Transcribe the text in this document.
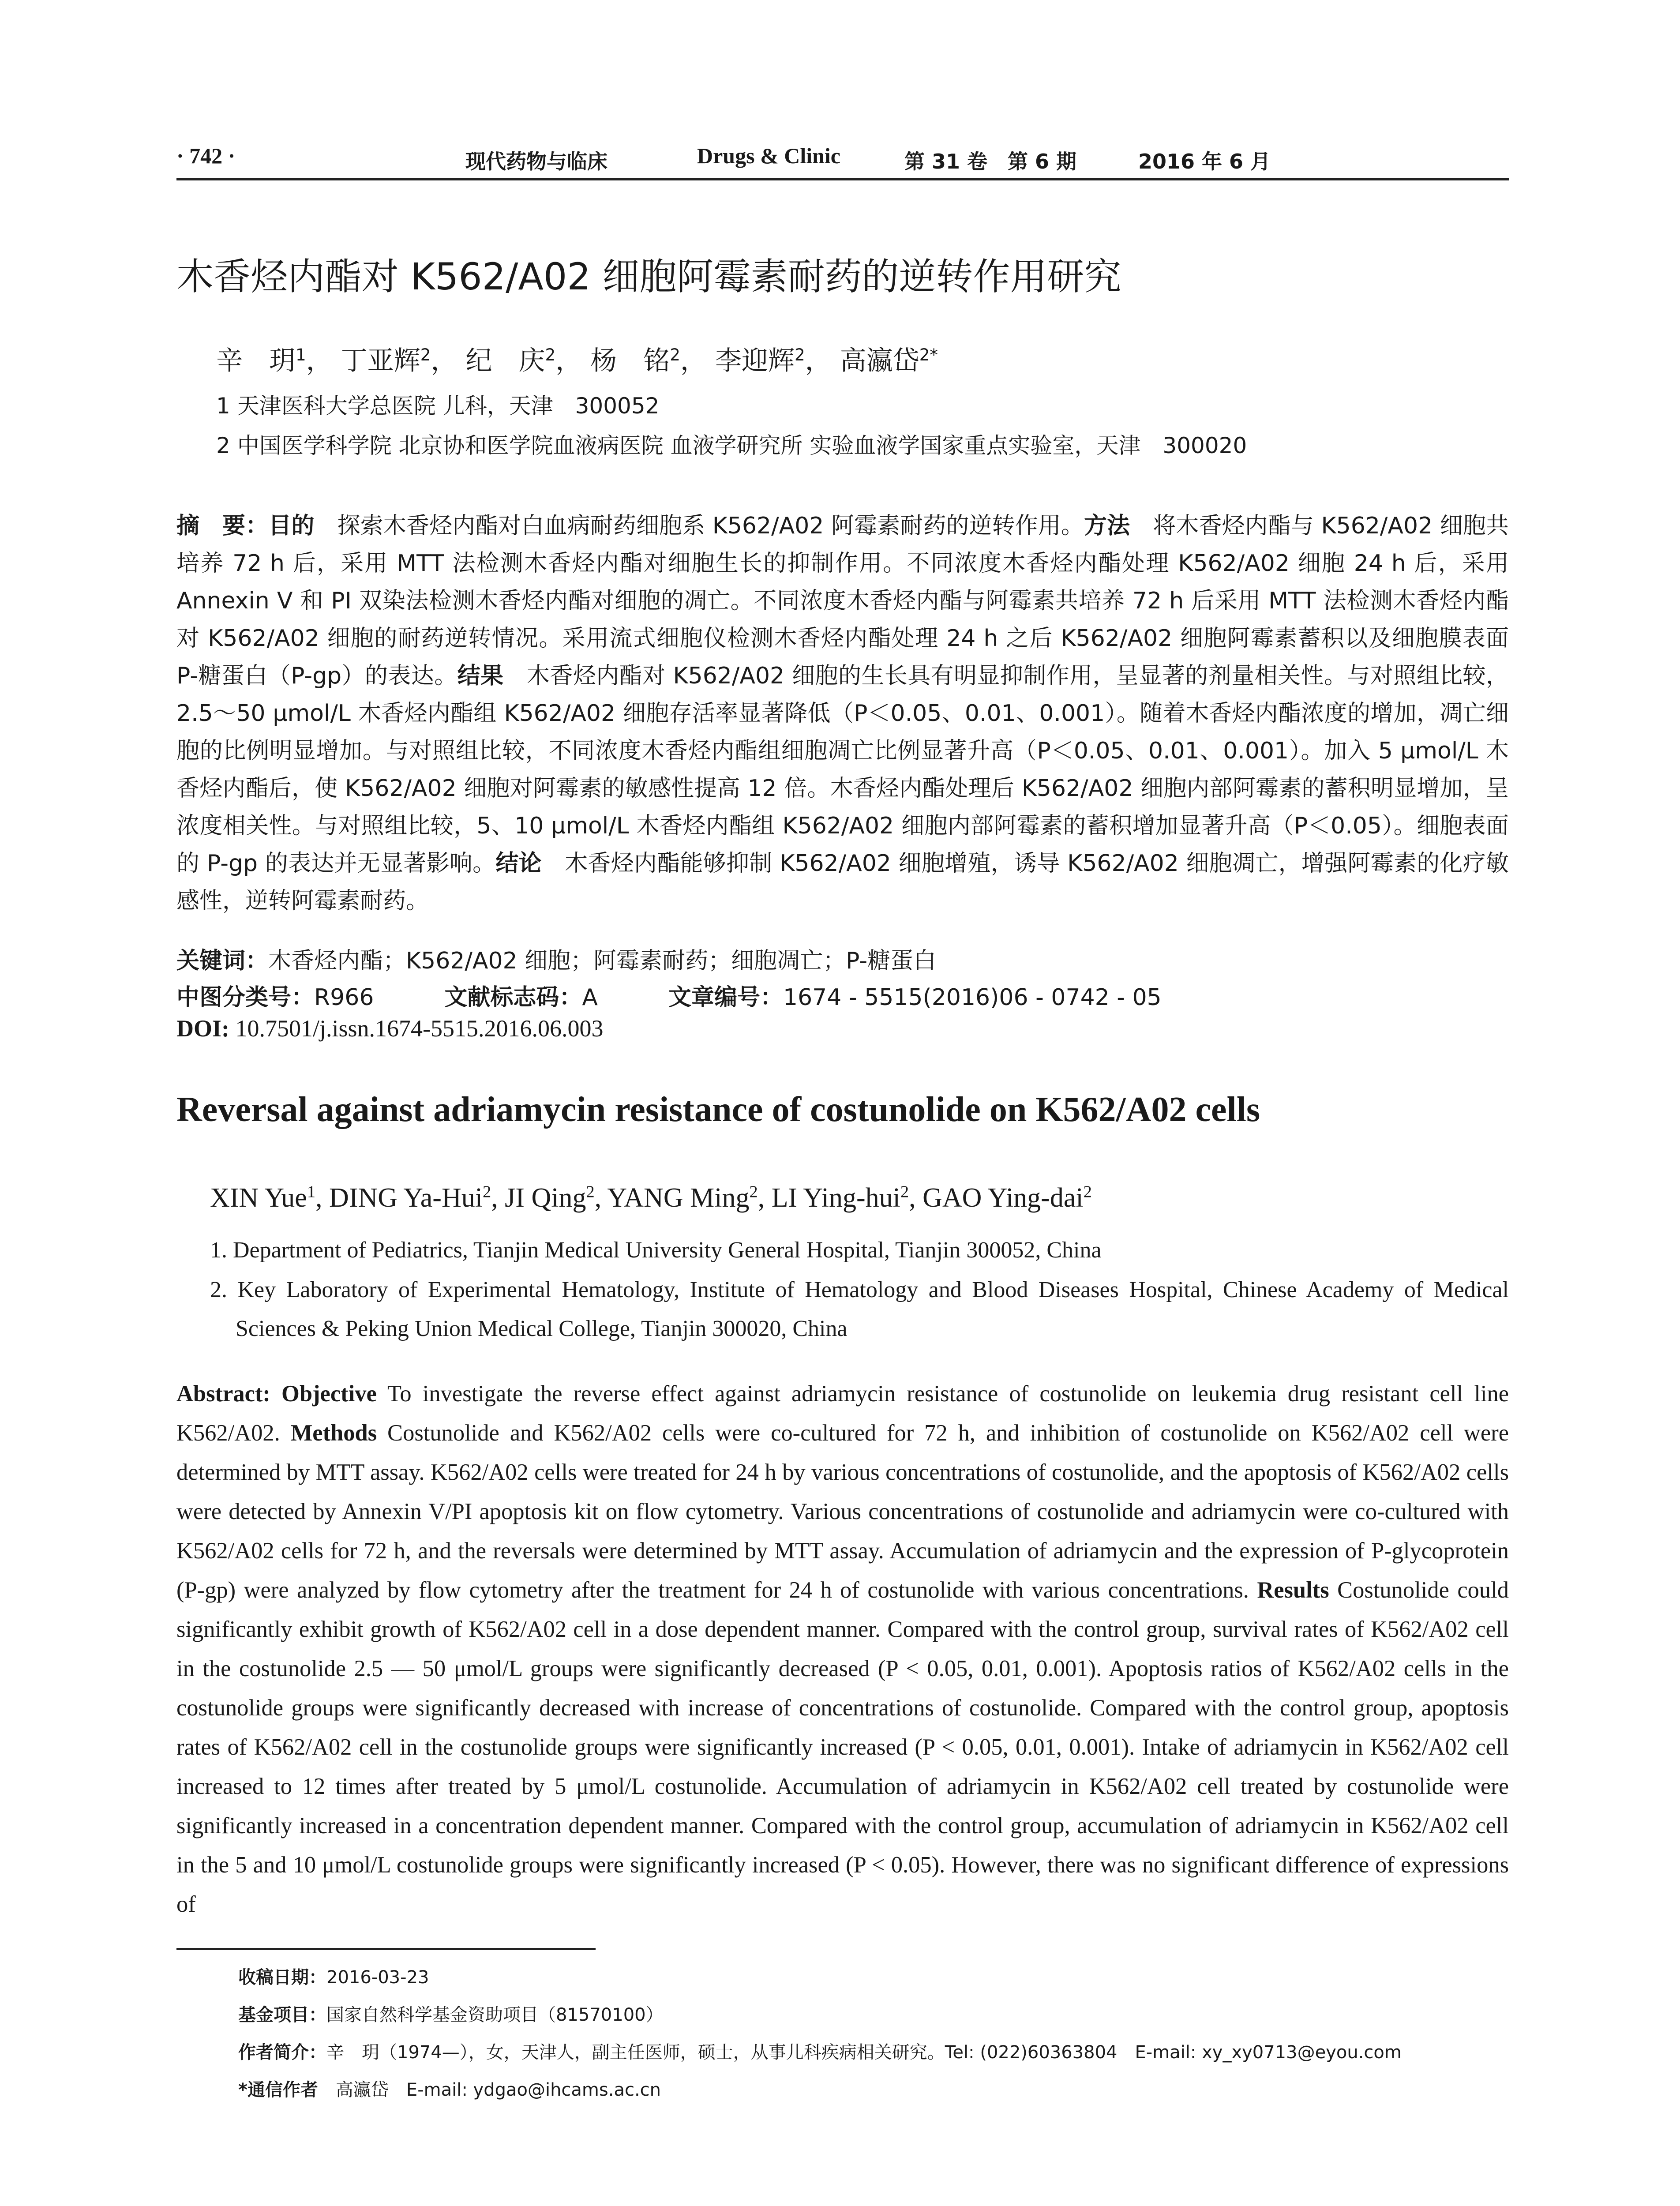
· 742 ·	现代药物与临床	Drugs & Clinic	第 31 卷　第 6 期	2016 年 6 月
木香烃内酯对 K562/A02 细胞阿霉素耐药的逆转作用研究
辛　玥$^1$， 丁亚辉$^2$， 纪　庆$^2$， 杨　铭$^2$， 李迎辉$^2$， 高瀛岱$^{2*}$
1 天津医科大学总医院 儿科，天津　300052
2 中国医学科学院 北京协和医学院血液病医院 血液学研究所 实验血液学国家重点实验室，天津　300020
摘　要：目的　探索木香烃内酯对白血病耐药细胞系 K562/A02 阿霉素耐药的逆转作用。方法　将木香烃内酯与 K562/A02 细胞共培养 72 h 后，采用 MTT 法检测木香烃内酯对细胞生长的抑制作用。不同浓度木香烃内酯处理 K562/A02 细胞 24 h 后，采用 Annexin V 和 PI 双染法检测木香烃内酯对细胞的凋亡。不同浓度木香烃内酯与阿霉素共培养 72 h 后采用 MTT 法检测木香烃内酯对 K562/A02 细胞的耐药逆转情况。采用流式细胞仪检测木香烃内酯处理 24 h 之后 K562/A02 细胞阿霉素蓄积以及细胞膜表面 P-糖蛋白（P-gp）的表达。结果　木香烃内酯对 K562/A02 细胞的生长具有明显抑制作用，呈显著的剂量相关性。与对照组比较，2.5～50 μmol/L 木香烃内酯组 K562/A02 细胞存活率显著降低（P＜0.05、0.01、0.001）。随着木香烃内酯浓度的增加，凋亡细胞的比例明显增加。与对照组比较，不同浓度木香烃内酯组细胞凋亡比例显著升高（P＜0.05、0.01、0.001）。加入 5 μmol/L 木香烃内酯后，使 K562/A02 细胞对阿霉素的敏感性提高 12 倍。木香烃内酯处理后 K562/A02 细胞内部阿霉素的蓄积明显增加，呈浓度相关性。与对照组比较，5、10 μmol/L 木香烃内酯组 K562/A02 细胞内部阿霉素的蓄积增加显著升高（P＜0.05）。细胞表面的 P-gp 的表达并无显著影响。结论　木香烃内酯能够抑制 K562/A02 细胞增殖，诱导 K562/A02 细胞凋亡，增强阿霉素的化疗敏感性，逆转阿霉素耐药。
关键词：木香烃内酯；K562/A02 细胞；阿霉素耐药；细胞凋亡；P-糖蛋白
中图分类号：R966	文献标志码：A	文章编号：1674 - 5515(2016)06 - 0742 - 05
DOI: 10.7501/j.issn.1674-5515.2016.06.003
Reversal against adriamycin resistance of costunolide on K562/A02 cells
XIN Yue$^1$, DING Ya-Hui$^2$, JI Qing$^2$, YANG Ming$^2$, LI Ying-hui$^2$, GAO Ying-dai$^2$
1. Department of Pediatrics, Tianjin Medical University General Hospital, Tianjin 300052, China
2. Key Laboratory of Experimental Hematology, Institute of Hematology and Blood Diseases Hospital, Chinese Academy of Medical Sciences & Peking Union Medical College, Tianjin 300020, China
Abstract: Objective To investigate the reverse effect against adriamycin resistance of costunolide on leukemia drug resistant cell line K562/A02. Methods Costunolide and K562/A02 cells were co-cultured for 72 h, and inhibition of costunolide on K562/A02 cell were determined by MTT assay. K562/A02 cells were treated for 24 h by various concentrations of costunolide, and the apoptosis of K562/A02 cells were detected by Annexin V/PI apoptosis kit on flow cytometry. Various concentrations of costunolide and adriamycin were co-cultured with K562/A02 cells for 72 h, and the reversals were determined by MTT assay. Accumulation of adriamycin and the expression of P-glycoprotein (P-gp) were analyzed by flow cytometry after the treatment for 24 h of costunolide with various concentrations. Results Costunolide could significantly exhibit growth of K562/A02 cell in a dose dependent manner. Compared with the control group, survival rates of K562/A02 cell in the costunolide 2.5 — 50 μmol/L groups were significantly decreased (P < 0.05, 0.01, 0.001). Apoptosis ratios of K562/A02 cells in the costunolide groups were significantly decreased with increase of concentrations of costunolide. Compared with the control group, apoptosis rates of K562/A02 cell in the costunolide groups were significantly increased (P < 0.05, 0.01, 0.001). Intake of adriamycin in K562/A02 cell increased to 12 times after treated by 5 μmol/L costunolide. Accumulation of adriamycin in K562/A02 cell treated by costunolide were significantly increased in a concentration dependent manner. Compared with the control group, accumulation of adriamycin in K562/A02 cell in the 5 and 10 μmol/L costunolide groups were significantly increased (P < 0.05). However, there was no significant difference of expressions of
收稿日期：2016-03-23
基金项目：国家自然科学基金资助项目（81570100）
作者简介：辛　玥（1974—），女，天津人，副主任医师，硕士，从事儿科疾病相关研究。Tel: (022)60363804　E-mail: xy_xy0713@eyou.com
*通信作者　高瀛岱　E-mail: ydgao@ihcams.ac.cn
